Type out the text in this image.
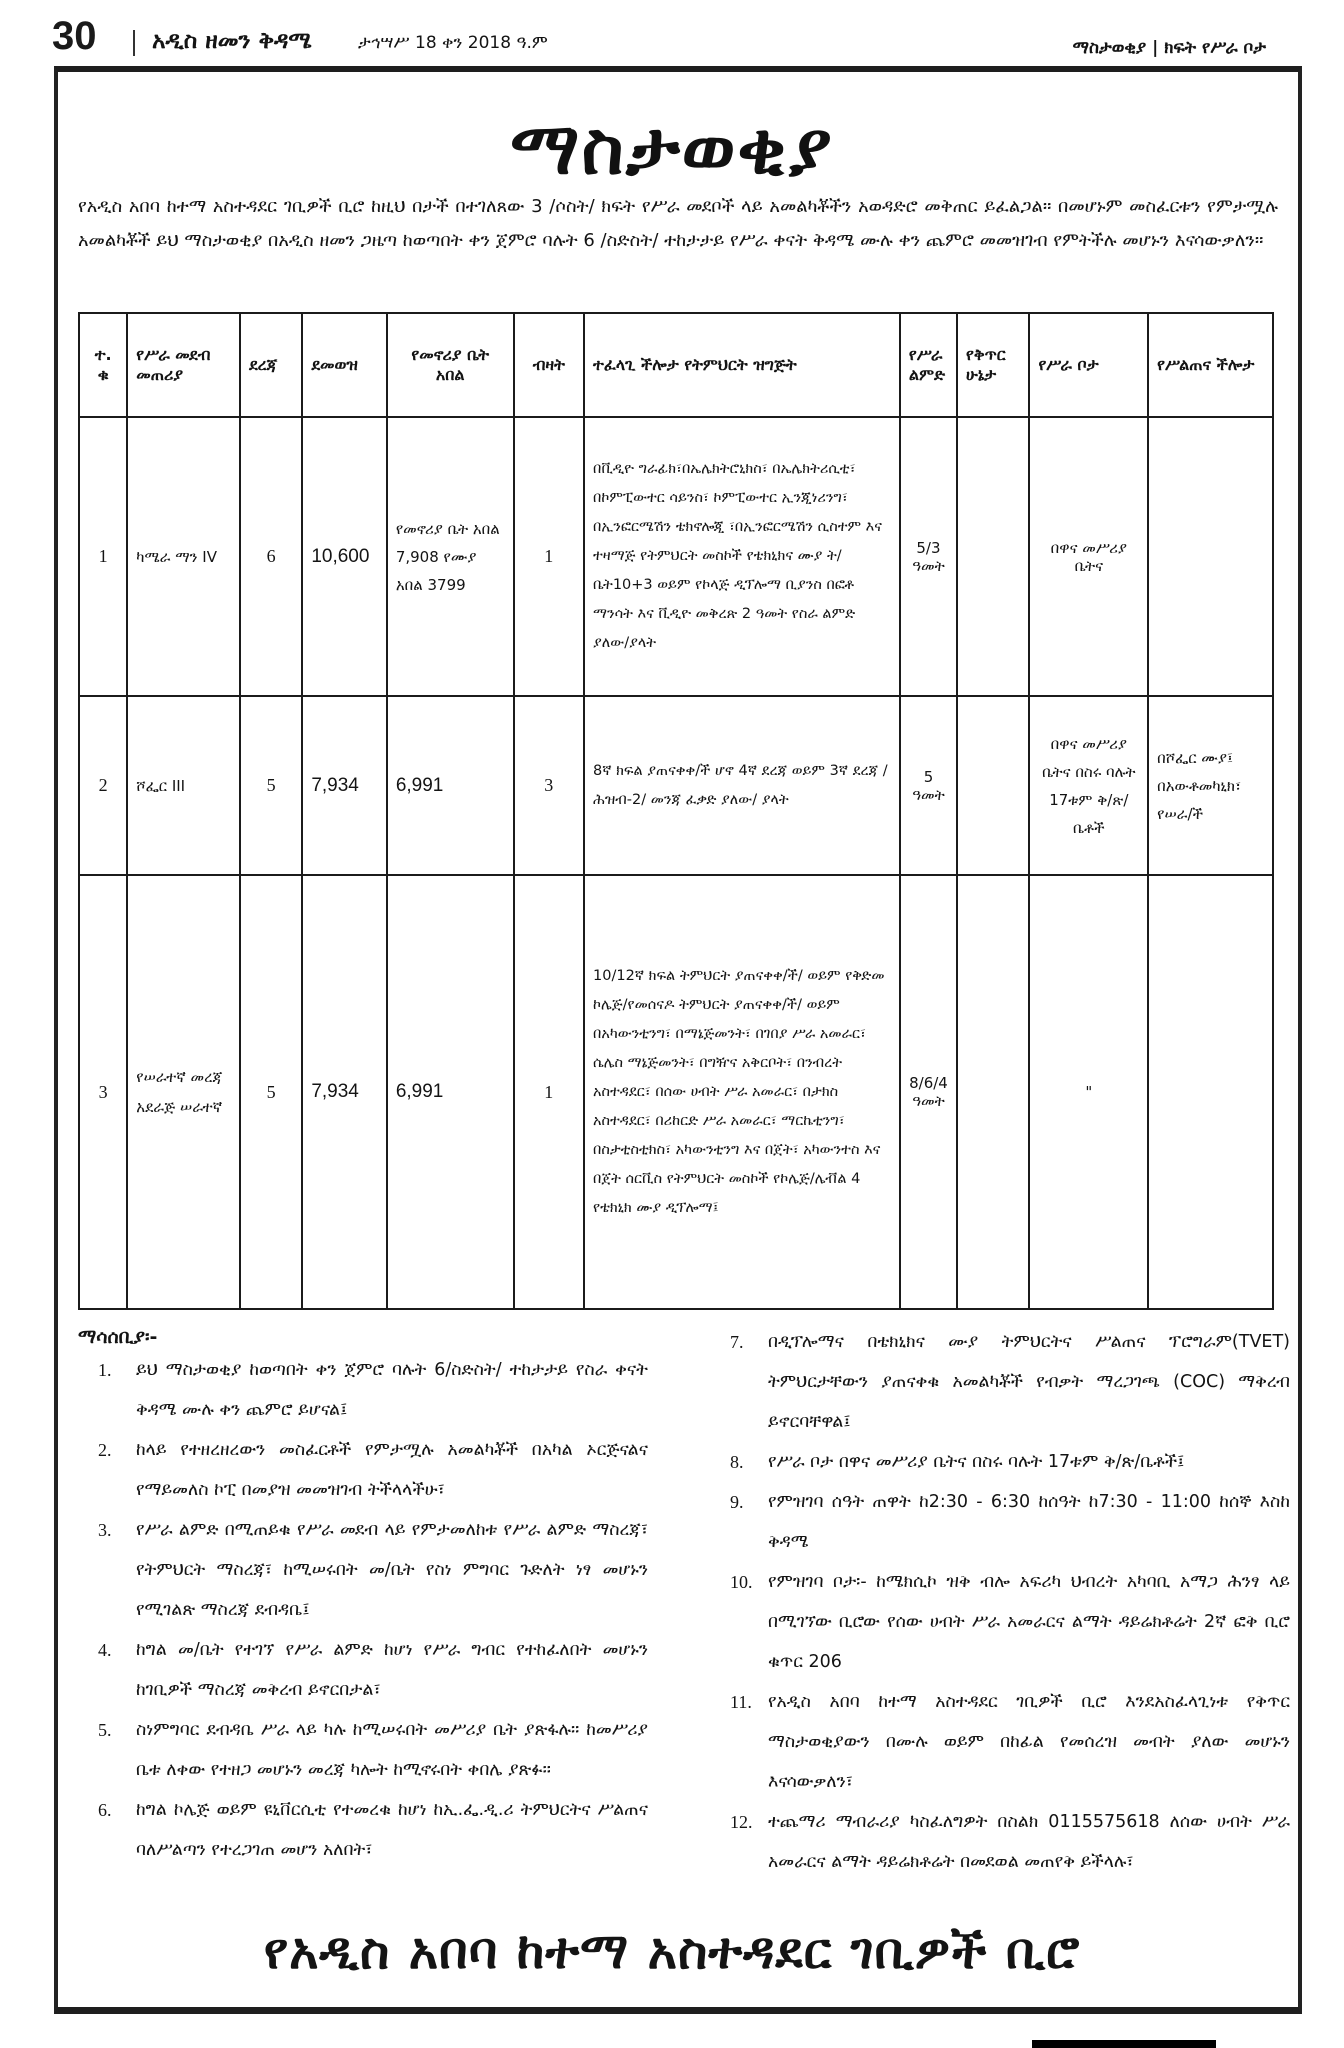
30 አዲስ ዘመን ቅዳሜ	ታኅሣሥ 18 ቀን 2018 ዓ.ም	ማስታወቂያ | ክፍት የሥራ ቦታ
ማስታወቂያ
የአዲስ አበባ ከተማ አስተዳደር ገቢዎች ቢሮ ከዚህ በታች በተገለጸው 3 /ሶስት/ ክፍት የሥራ መደቦች ላይ አመልካቾችን አወዳድሮ መቅጠር ይፈልጋል፡፡ በመሆኑም መስፈርቱን የምታሟሉ አመልካቾች ይህ ማስታወቂያ በአዲስ ዘመን ጋዜጣ ከወጣበት ቀን ጀምሮ ባሉት 6 /ስድስት/ ተከታታይ የሥራ ቀናት ቅዳሜ ሙሉ ቀን ጨምሮ መመዝገብ የምትችሉ መሆኑን እናሳውቃለን፡፡
ተ. ቁ	የሥራ መደብ መጠሪያ	ደረጃ	ደመወዝ	የመኖሪያ ቤት አበል	ብዛት	ተፈላጊ ችሎታ የትምህርት ዝግጅት	የሥራ ልምድ	የቅጥር ሁኔታ	የሥራ ቦታ	የሥልጠና ችሎታ
1	ካሜራ ማን IV	6	10,600	የመኖሪያ ቤት አበል 7,908 የሙያ አበል 3799	1	በቪዲዮ ግራፊክ፣በኤሌክትሮኒክስ፣ በኤሌክትሪሲቲ፣ በኮምፒውተር ሳይንስ፣ ኮምፒውተር ኢንጂነሪንግ፣ በኢንፎርሜሽን ቴክኖሎጂ ፣በኢንፎርሜሽን ሲስተም እና ተዛማጅ የትምህርት መስኮች የቴክኒክና ሙያ ት/ቤት10+3 ወይም የኮላጅ ዲፕሎማ ቢያንስ በፎቶ ማንሳት እና ቪዲዮ መቅረጽ 2 ዓመት የስራ ልምድ ያለው/ያላት	5/3 ዓመት		በዋና መሥሪያ ቤትና	
2	ሾፌር III	5	7,934	6,991	3	8ኛ ክፍል ያጠናቀቀ/ች ሆኖ 4ኛ ደረጃ ወይም 3ኛ ደረጃ /ሕዝብ-2/ መንጃ ፈቃድ ያለው/ ያላት	5 ዓመት		በዋና መሥሪያ ቤትና በስሩ ባሉት 17ቱም ቅ/ጽ/ቤቶች	በሾፌር ሙያ፤ በአውቶመካኒክ፣ የሠራ/ች
3	የሠራተኛ መረጃ አደራጅ ሠራተኛ	5	7,934	6,991	1	10/12ኛ ክፍል ትምህርት ያጠናቀቀ/ች/ ወይም የቅድመ ኮሌጅ/የመሰናዶ ትምህርት ያጠናቀቀ/ች/ ወይም በአካውንቲንግ፣ በማኔጅመንት፣ በገበያ ሥራ አመራር፣ ሴሌስ ማኔጅመንት፣ በግዥና አቅርቦት፣ በንብረት አስተዳደር፣ በሰው ሀብት ሥራ አመራር፣ በታክስ አስተዳደር፣ በሪከርድ ሥራ አመራር፣ ማርኬቲንግ፣ በስታቲስቲክስ፣ አካውንቲንግ እና በጀት፣ አካውንተስ እና በጀት ሰርቪስ የትምህርት መስኮች የኮሌጅ/ሌቭል 4 የቴክኒክ ሙያ ዲፕሎማ፤	8/6/4 ዓመት		"	
ማሳሰቢያ፡-
1.	ይህ ማስታወቂያ ከወጣበት ቀን ጀምሮ ባሉት 6/ስድስት/ ተከታታይ የስራ ቀናት ቅዳሜ ሙሉ ቀን ጨምሮ ይሆናል፤
2.	ከላይ የተዘረዘረውን መስፈርቶች የምታሟሉ አመልካቾች በአካል ኦርጅናልና የማይመለስ ኮፒ በመያዝ መመዝገብ ትችላላችሁ፣
3.	የሥራ ልምድ በሚጠይቁ የሥራ መደብ ላይ የምታመለከቱ የሥራ ልምድ ማስረጃ፣ የትምህርት ማስረጃ፣ ከሚሠሩበት መ/ቤት የስነ ምግባር ጉድለት ነፃ መሆኑን የሚገልጽ ማስረጃ ደብዳቤ፤
4.	ከግል መ/ቤት የተገኘ የሥራ ልምድ ከሆነ የሥራ ግብር የተከፈለበት መሆኑን ከገቢዎች ማስረጃ መቅረብ ይኖርበታል፣
5.	ስነምግባር ደብዳቤ ሥራ ላይ ካሉ ከሚሠሩበት መሥሪያ ቤት ያጽፋሉ፡፡ ከመሥሪያ ቤቱ ለቀው የተዘጋ መሆኑን መረጃ ካሎት ከሚኖሩበት ቀበሌ ያጽፉ፡፡
6.	ከግል ኮሌጅ ወይም ዩኒቨርሲቲ የተመረቁ ከሆነ ከኢ.ፌ.ዲ.ሪ ትምህርትና ሥልጠና ባለሥልጣን የተረጋገጠ መሆን አለበት፣
7.	በዲፕሎማና በቴክኒክና ሙያ ትምህርትና ሥልጠና ፕሮግራም(TVET) ትምህርታቸውን ያጠናቀቁ አመልካቾች የብቃት ማረጋገጫ (COC) ማቅረብ ይኖርባቸዋል፤
8.	የሥራ ቦታ በዋና መሥሪያ ቤትና በስሩ ባሉት 17ቱም ቅ/ጽ/ቤቶች፤
9.	የምዝገባ ሰዓት ጠዋት ከ2:30 - 6:30 ከሰዓት ከ7:30 - 11:00 ከሰኞ እስከ ቅዳሜ
10. የምዝገባ ቦታ፡- ከሜክሲኮ ዝቅ ብሎ አፍሪካ ህብረት አካባቢ አማጋ ሕንፃ ላይ በሚገኘው ቢሮው የሰው ሀብት ሥራ አመራርና ልማት ዳይሬክቶሬት 2ኛ ፎቅ ቢሮ ቁጥር 206
11. የአዲስ አበባ ከተማ አስተዳደር ገቢዎች ቢሮ እንደአስፈላጊነቱ የቅጥር ማስታወቂያውን በሙሉ ወይም በከፊል የመሰረዝ መብት ያለው መሆኑን እናሳውቃለን፣
12. ተጨማሪ ማብራሪያ ካስፈለግዎት በስልክ 0115575618 ለሰው ሀብት ሥራ አመራርና ልማት ዳይሬክቶሬት በመደወል መጠየቅ ይችላሉ፣
የአዲስ አበባ ከተማ አስተዳደር ገቢዎች ቢሮ
